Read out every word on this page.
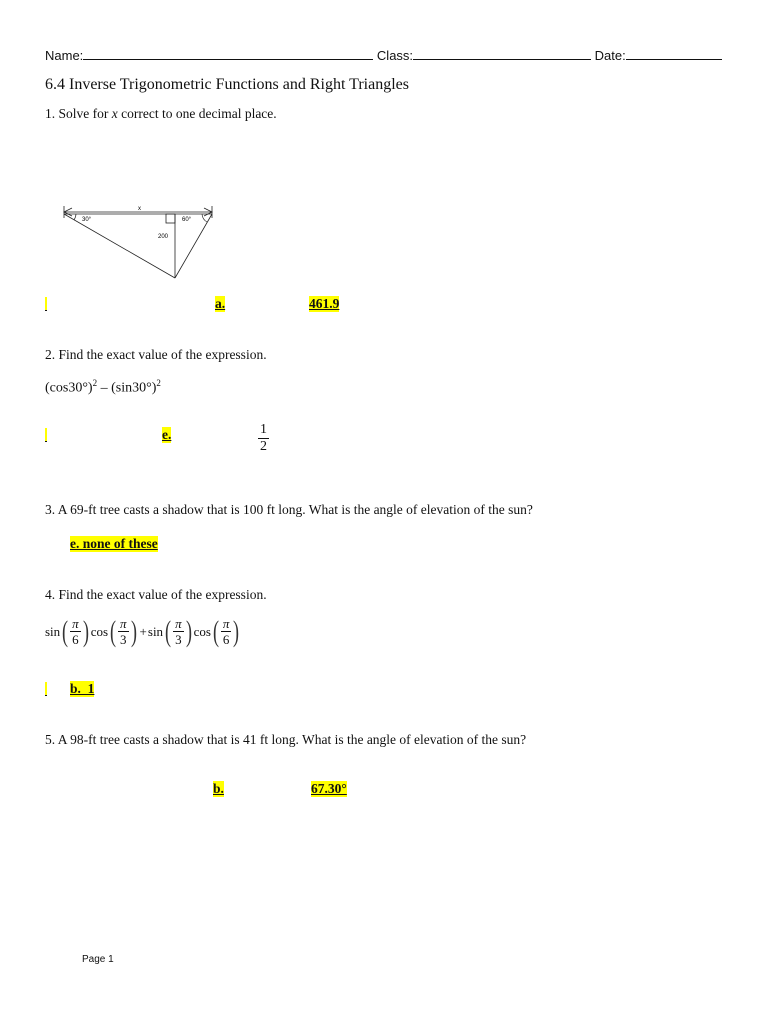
Name:	Class:	Date:
6.4 Inverse Trigonometric Functions and Right Triangles
1. Solve for x correct to one decimal place.
x
30°	60°
200
a.	461.9
2. Find the exact value of the expression.
$(\cos 30^\circ)^2 - (\sin 30^\circ)^2$
e.	1
2
3. A 69-ft tree casts a shadow that is 100 ft long. What is the angle of elevation of the sun?
e. none of these
4. Find the exact value of the expression.
sin ( $\frac{\pi}{6}$ ) cos ( $\frac{\pi}{3}$ ) + sin ( $\frac{\pi}{3}$ ) cos ( $\frac{\pi}{6}$ )
b.  1
5. A 98-ft tree casts a shadow that is 41 ft long. What is the angle of elevation of the sun?
b.	67.30°
Page 1
